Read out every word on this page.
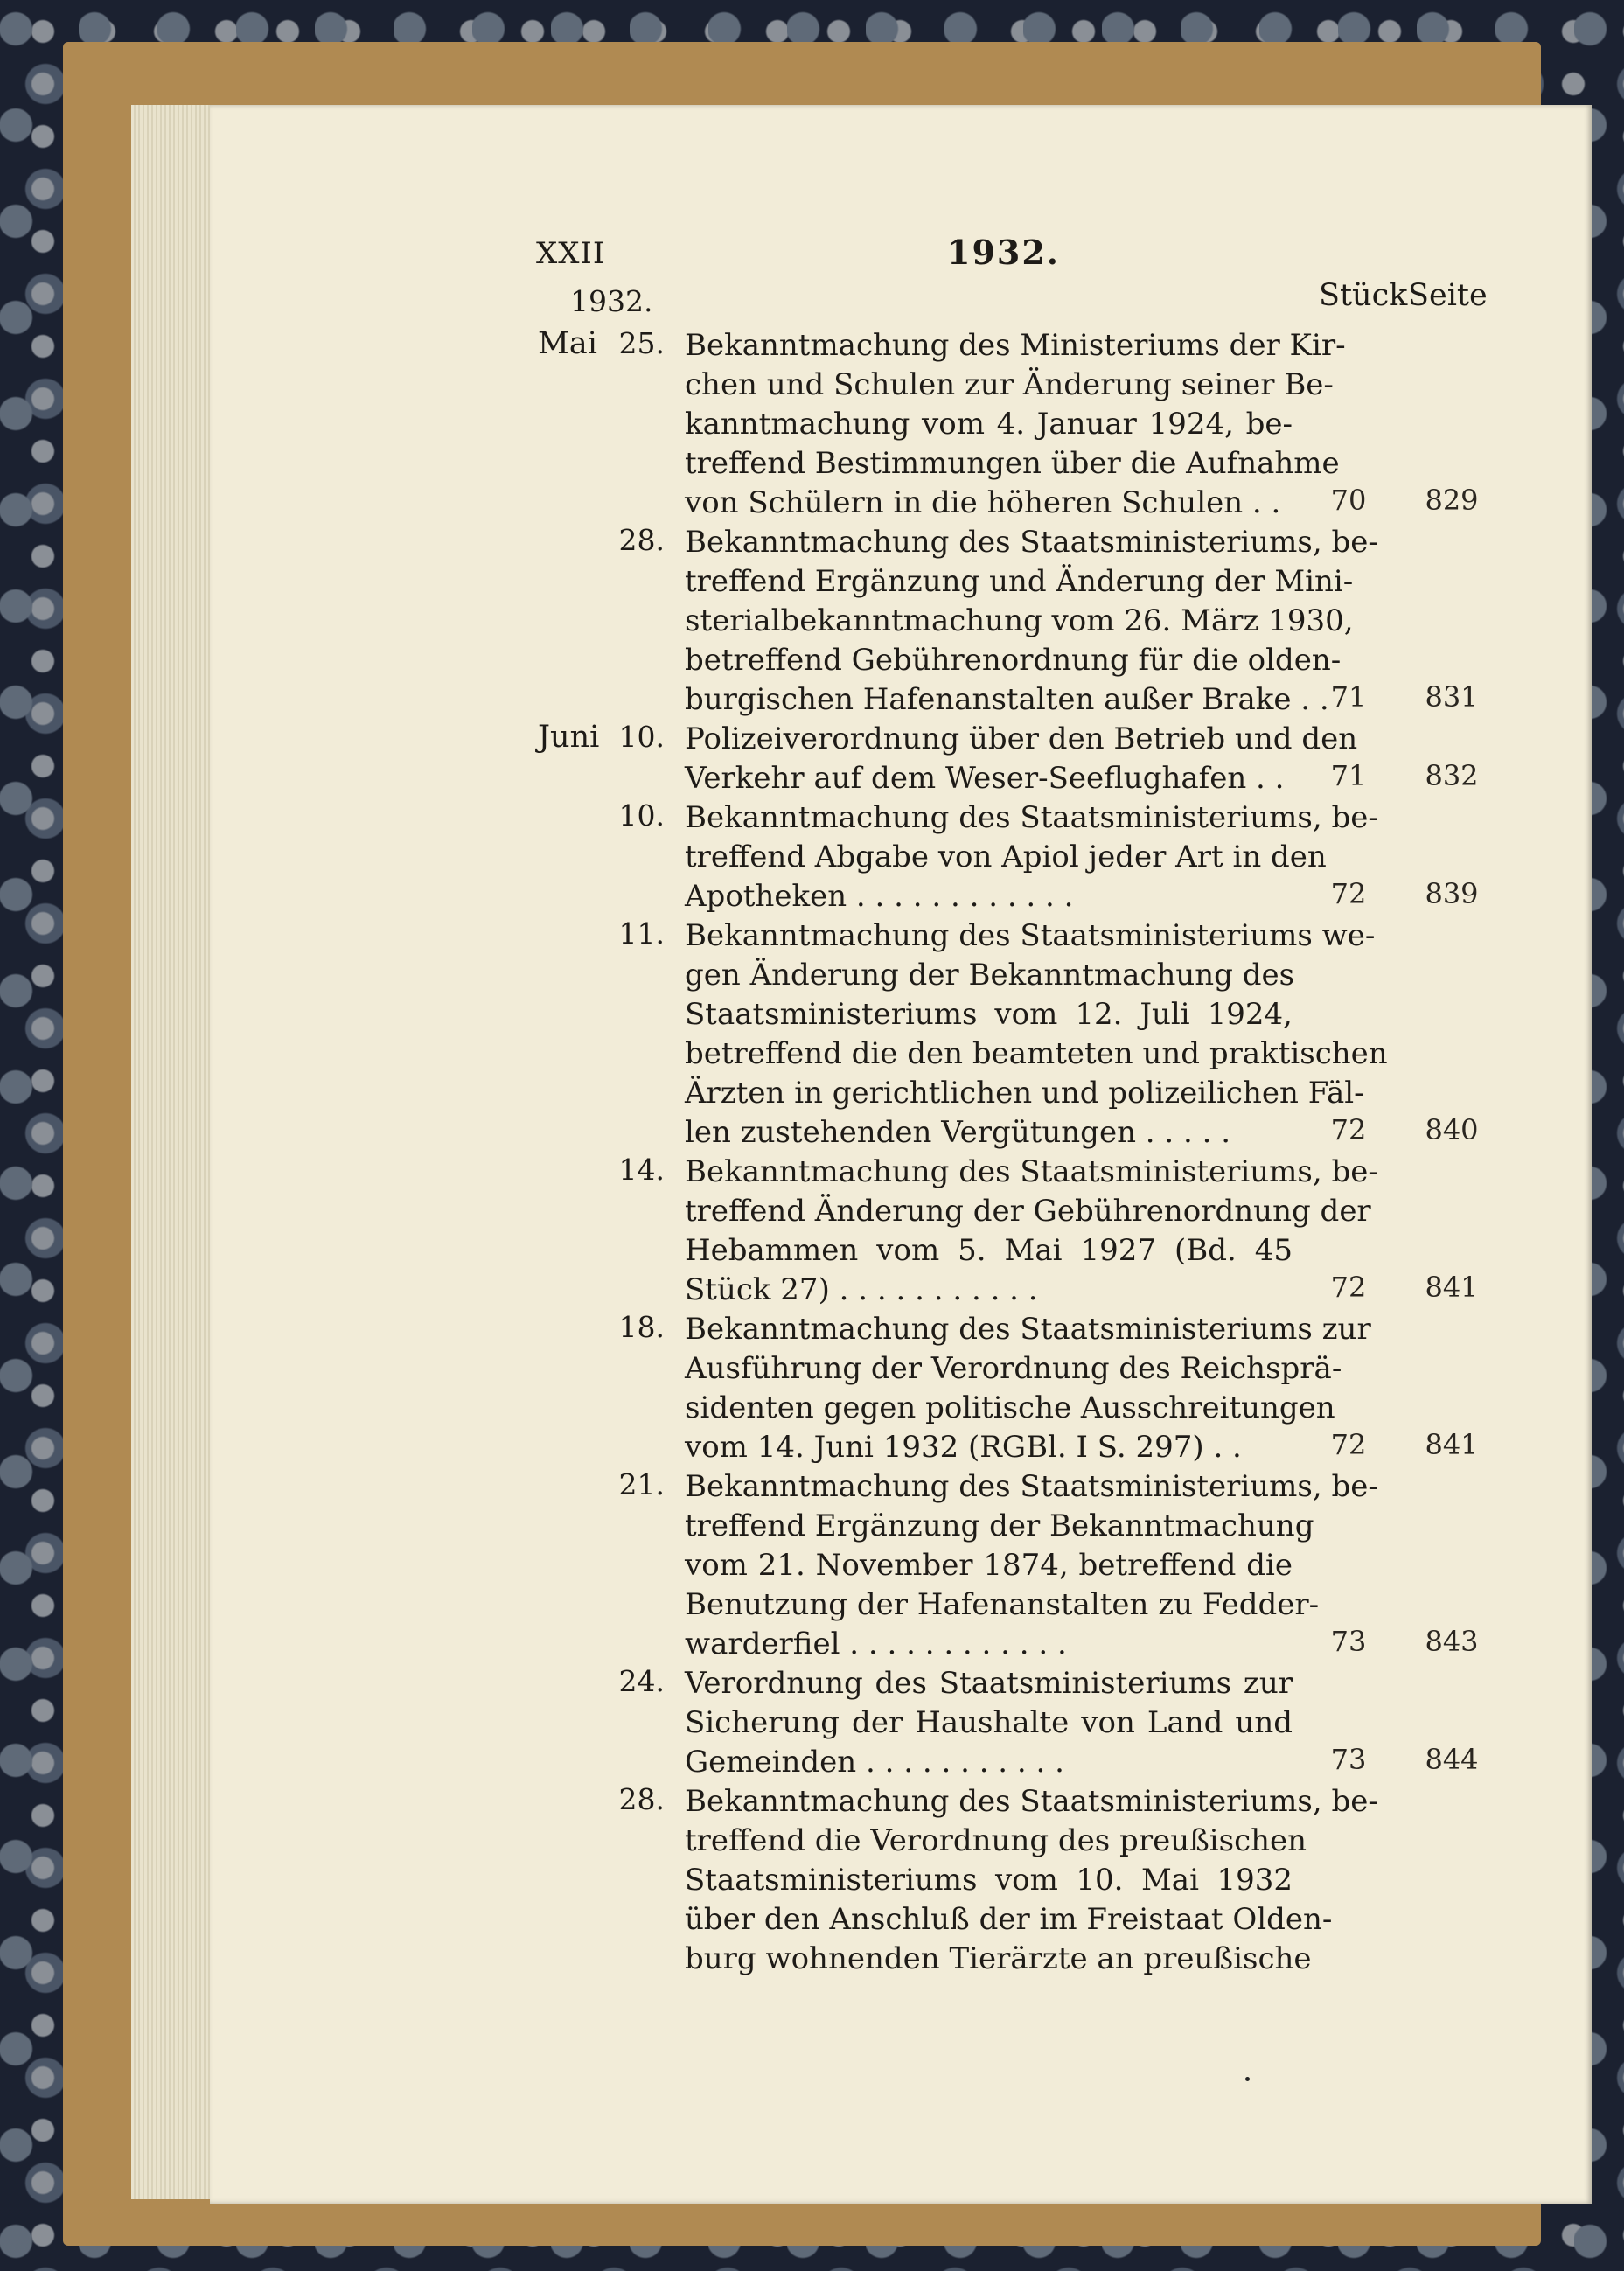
XXII	1932.
1932.	Stück Seite
Mai 25. Bekanntmachung des Ministeriums der Kir-
chen und Schulen zur Änderung seiner Be-
kanntmachung vom 4. Januar 1924, be-
treffend Bestimmungen über die Aufnahme
von Schülern in die höheren Schulen . .	70	829
28. Bekanntmachung des Staatsministeriums, be-
treffend Ergänzung und Änderung der Mini-
sterialbekanntmachung vom 26. März 1930,
betreffend Gebührenordnung für die olden-
burgischen Hafenanstalten außer Brake . . 71	831
Juni 10. Polizeiverordnung über den Betrieb und den
Verkehr auf dem Weser-Seeflughafen . .	71	832
10. Bekanntmachung des Staatsministeriums, be-
treffend Abgabe von Apiol jeder Art in den
Apotheken . . . . . . . . . . . .	72	839
11. Bekanntmachung des Staatsministeriums we-
gen Änderung der Bekanntmachung des
Staatsministeriums vom 12. Juli 1924,
betreffend die den beamteten und praktischen
Ärzten in gerichtlichen und polizeilichen Fäl-
len zustehenden Vergütungen . . . . .	72	840
14. Bekanntmachung des Staatsministeriums, be-
treffend Änderung der Gebührenordnung der
Hebammen vom 5. Mai 1927 (Bd. 45
Stück 27) . . . . . . . . . . .	72	841
18. Bekanntmachung des Staatsministeriums zur
Ausführung der Verordnung des Reichsprä-
sidenten gegen politische Ausschreitungen
vom 14. Juni 1932 (RGBl. I S. 297) . .	72	841
21. Bekanntmachung des Staatsministeriums, be-
treffend Ergänzung der Bekanntmachung
vom 21. November 1874, betreffend die
Benutzung der Hafenanstalten zu Fedder-
warderfiel . . . . . . . . . . . .	73	843
24. Verordnung des Staatsministeriums zur
Sicherung der Haushalte von Land und
Gemeinden . . . . . . . . . . .	73	844
28. Bekanntmachung des Staatsministeriums, be-
treffend die Verordnung des preußischen
Staatsministeriums vom 10. Mai 1932
über den Anschluß der im Freistaat Olden-
burg wohnenden Tierärzte an preußische
